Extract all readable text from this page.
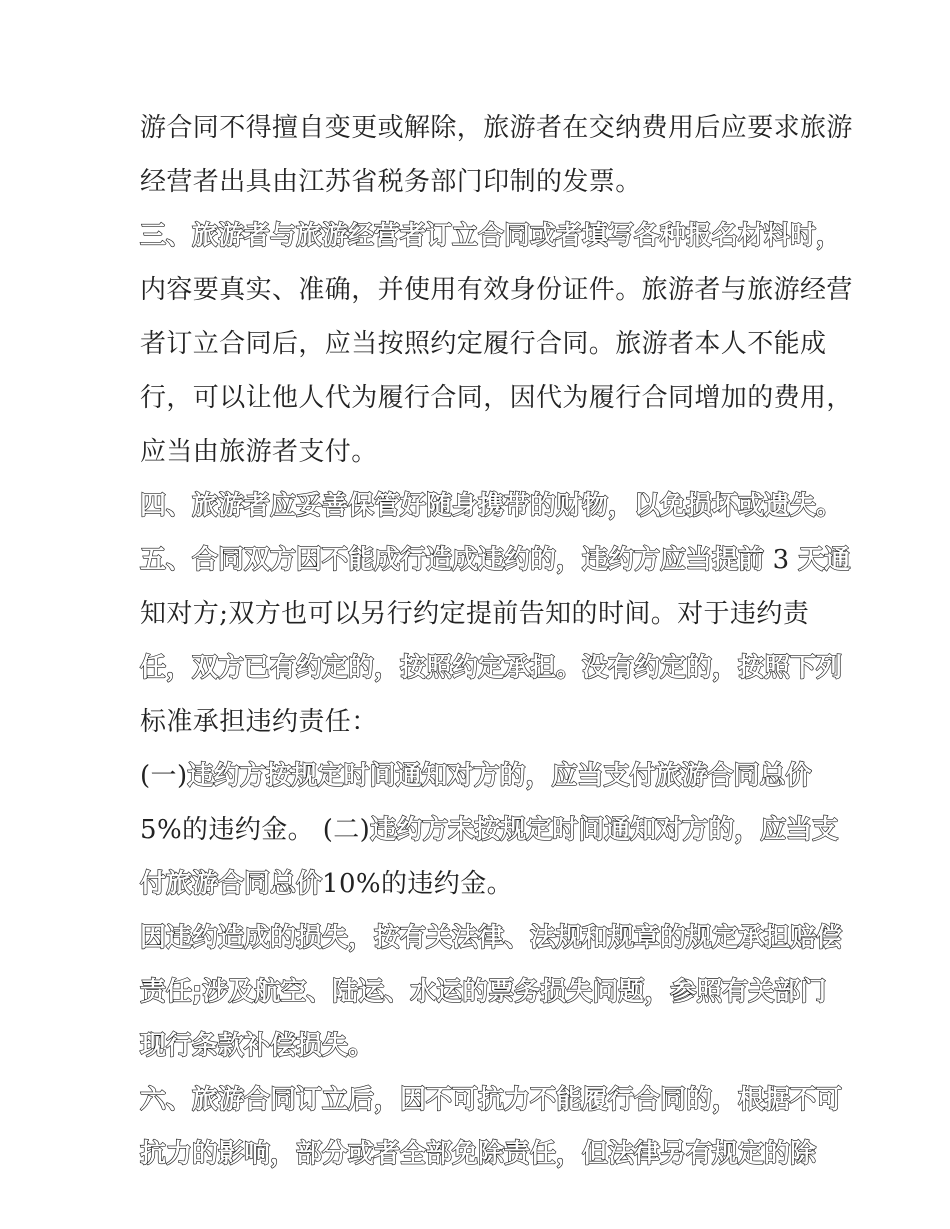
游合同不得擅自变更或解除，旅游者在交纳费用后应要求旅游
经营者出具由江苏省税务部门印制的发票。
三、旅游者与旅游经营者订立合同或者填写各种报名材料时，
内容要真实、准确，并使用有效身份证件。旅游者与旅游经营
者订立合同后，应当按照约定履行合同。旅游者本人不能成
行，可以让他人代为履行合同，因代为履行合同增加的费用，
应当由旅游者支付。
四、旅游者应妥善保管好随身携带的财物，以免损坏或遗失。
五、合同双方因不能成行造成违约的，违约方应当提前 3 天通
知对方;双方也可以另行约定提前告知的时间。对于违约责
任，双方已有约定的，按照约定承担。没有约定的，按照下列
标准承担违约责任：
(一)违约方按规定时间通知对方的，应当支付旅游合同总价
5%的违约金。 (二)违约方未按规定时间通知对方的，应当支
付旅游合同总价10%的违约金。
因违约造成的损失，按有关法律、法规和规章的规定承担赔偿
责任;涉及航空、陆运、水运的票务损失问题，参照有关部门
现行条款补偿损失。
六、旅游合同订立后，因不可抗力不能履行合同的，根据不可
抗力的影响，部分或者全部免除责任，但法律另有规定的除
